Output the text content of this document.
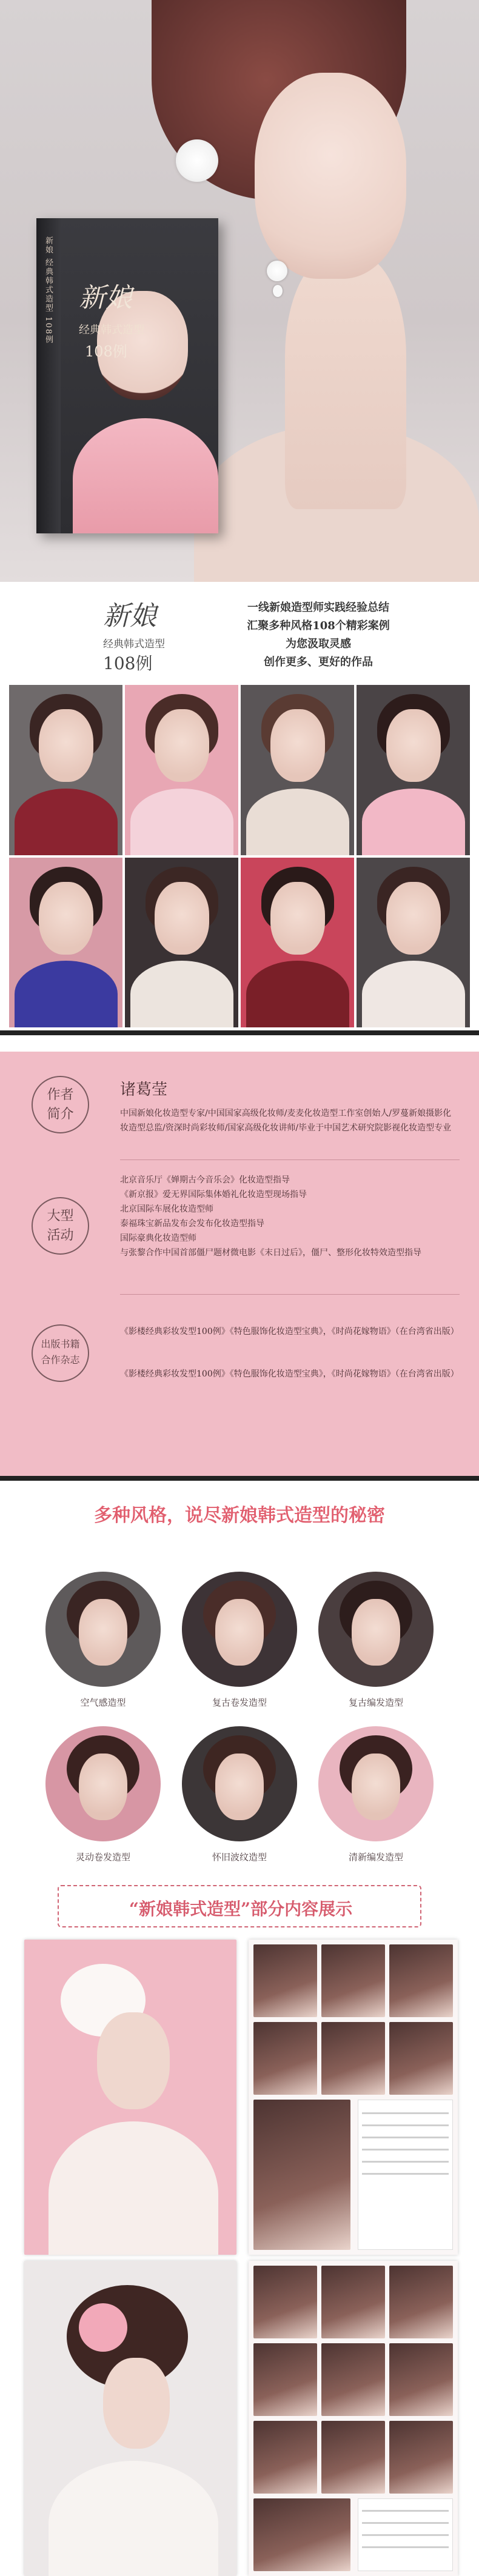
新娘 经典韩式造型 108例 新娘
经典韩式造型
108例
新娘
经典韩式造型
108例
一线新娘造型师实践经验总结
汇聚多种风格108个精彩案例
为您汲取灵感
创作更多、更好的作品
作者
简介
诸葛莹
中国新娘化妆造型专家/中国国家高级化妆师/麦麦化妆造型工作室创始人/罗蔓新娘摄影化妆造型总监/资深时尚彩妆师/国家高级化妆讲师/毕业于中国艺术研究院影视化妆造型专业
大型
活动
北京音乐厅《婵期古今音乐会》化妆造型指导
《新京报》爱无界国际集体婚礼化妆造型现场指导
北京国际车展化妆造型师
泰福珠宝新品发布会发布化妆造型指导
国际豪典化妆造型师
与张黎合作中国首部僵尸题材微电影《末日过后》，僵尸、整形化妆特效造型指导
出版书籍
合作杂志
《影楼经典彩妆发型100例》《特色服饰化妆造型宝典》，《时尚花嫁物语》（在台湾省出版）
《影楼经典彩妆发型100例》《特色服饰化妆造型宝典》，《时尚花嫁物语》（在台湾省出版）
多种风格，说尽新娘韩式造型的秘密
空气感造型	复古卷发造型	复古编发造型
灵动卷发造型	怀旧波纹造型	清新编发造型
“新娘韩式造型”部分内容展示
